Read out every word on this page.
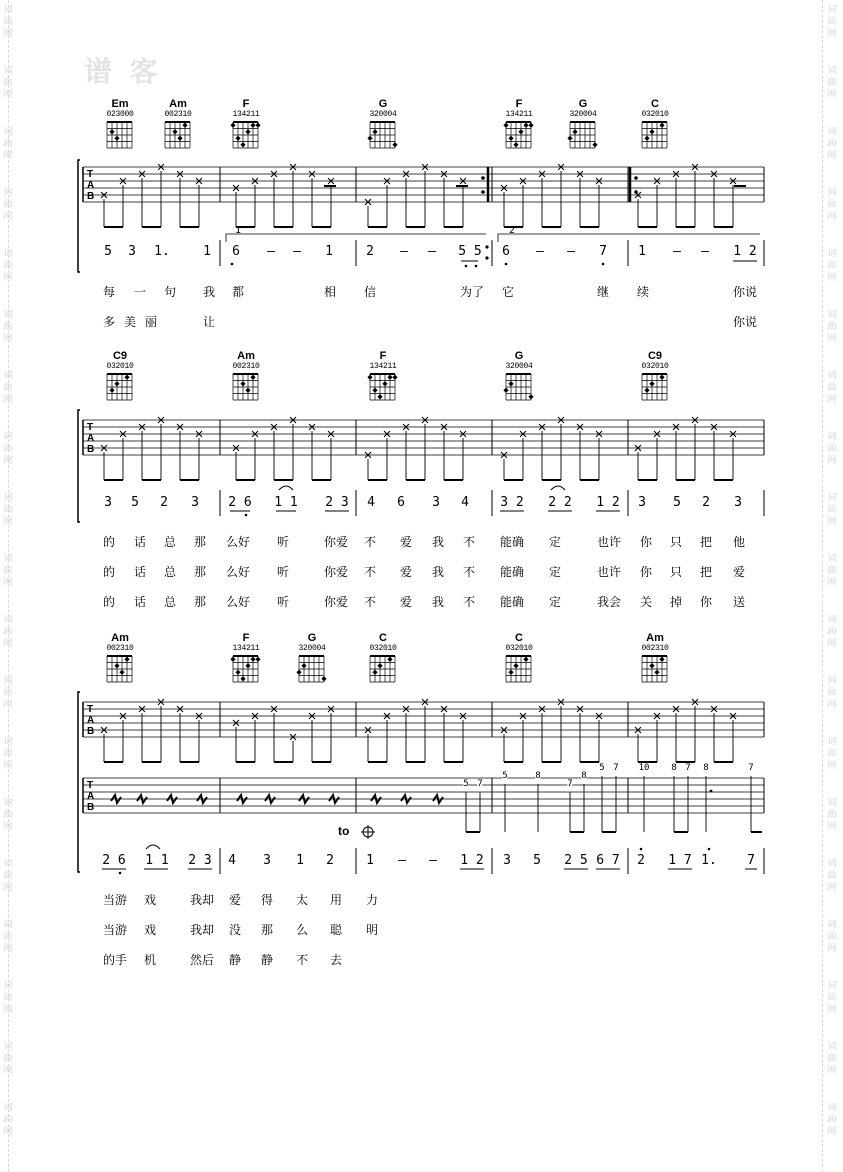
词
曲
网
词
曲
网
词
曲
网
词
曲
网
词
曲
网
词
曲
网
词
曲
网
词
曲
网
词
曲
网
词
曲
网
词
曲
网
词
曲
网
词
曲
网
词
曲
网
词
曲
网
词
曲
网
词
曲
网
词
曲
网
词
曲
网
词
曲
网
词
曲
网
词
曲
网
词
曲
网
词
曲
网
词
曲
网
词
曲
网
词
曲
网
词
曲
网
词
曲
网
词
曲
网
词
曲
网
词
曲
网
词
曲
网
词
曲
网
词
曲
网
词
曲
网
词
曲
网
词
曲
网
谱 客
T
A
B
T
A
B
T
A
B
T
A
B
Em
023000
Am
002310
F
134211
G
320004
F
134211
G
320004
C
032010
1	2
5 3 1.	1 6 – – 1	2 – – 5 5 6 – – 7 1 – – 1 2
每 一 句 我 都	相 信	为了 它	继 续	你说
多 美 丽	让	你说
C9
032010
Am
002310
F
134211
G
320004
C9
032010
3 5 2 3 2 6 1 1 2 3 4 6 3 4 3 2 2 2 1 2 3 5 2 3
的 话 总 那 么好 听	你爱 不 爱 我 不 能确 定	也许 你 只 把 他
的 话 总 那 么好 听	你爱 不 爱 我 不 能确 定	也许 你 只 把 爱
的 话 总 那 么好 听	你爱 不 爱 我 不 能确 定	我会 关 掉 你 送
Am
002310
F
134211
G
320004
C
032010
C
032010
Am
002310
5 7
5	8
7
8
5 7 10 8 7 8	7
to
2 6 1 1 2 3 4 3 1 2 1 – – 1 2 3 5 2 5 6 7 2 1 7 1. 7
当游 戏	我却 爱 得 太 用 力
当游 戏	我却 没 那 么 聪 明
的手 机	然后 静 静 不 去
